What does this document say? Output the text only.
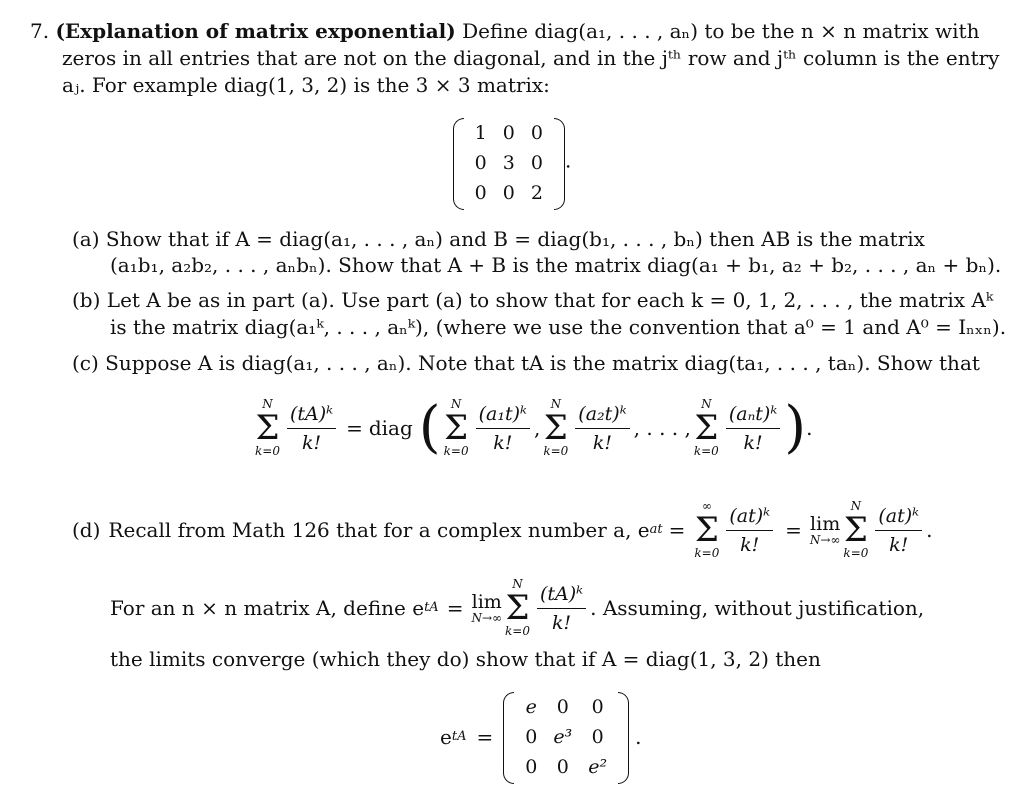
7. (Explanation of matrix exponential) Define diag(a₁, . . . , aₙ) to be the n × n matrix with
zeros in all entries that are not on the diagonal, and in the jᵗʰ row and jᵗʰ column is the entry
aⱼ. For example diag(1, 3, 2) is the 3 × 3 matrix:
1	0	0
0	3	0
0	0	2
.
(a) Show that if A = diag(a₁, . . . , aₙ) and B = diag(b₁, . . . , bₙ) then AB is the matrix
(a₁b₁, a₂b₂, . . . , aₙbₙ). Show that A + B is the matrix diag(a₁ + b₁, a₂ + b₂, . . . , aₙ + bₙ).
(b) Let A be as in part (a). Use part (a) to show that for each k = 0, 1, 2, . . . , the matrix Aᵏ
is the matrix diag(a₁ᵏ, . . . , aₙᵏ), (where we use the convention that a⁰ = 1 and A⁰ = Iₙₓₙ).
(c) Suppose A is diag(a₁, . . . , aₙ). Note that tA is the matrix diag(ta₁, . . . , taₙ). Show that
N
Σ
$k=0 \frac{\text{(tA)ᵏ}}{k!}$ = diag ( N
Σ
$k=0 \frac{\text{(a₁t)ᵏ}}{k!}$ ,
N
Σ
$k=0 \frac{\text{(a₂t)ᵏ}}{k!}$ , . . . ,
N
Σ
$k=0 \frac{\text{(aₙt)ᵏ}}{k!}$ ) .
(d) Recall from Math 126 that for a complex number a, e at =
∞
Σ
$k=0 \frac{\text{(at)ᵏ}}{k!} = \lim$
N→∞
N
Σ
$k=0 \frac{\text{(at)ᵏ}}{k!}$ .
For an n × n matrix A, define e tA = lim
N→∞
N
Σ
$k=0 \frac{\text{(tA)ᵏ}}{k!}$ . Assuming, without justification,
the limits converge (which they do) show that if A = diag(1, 3, 2) then
e tA =
e	0	0
0	e³	0
0	0	e²
.
